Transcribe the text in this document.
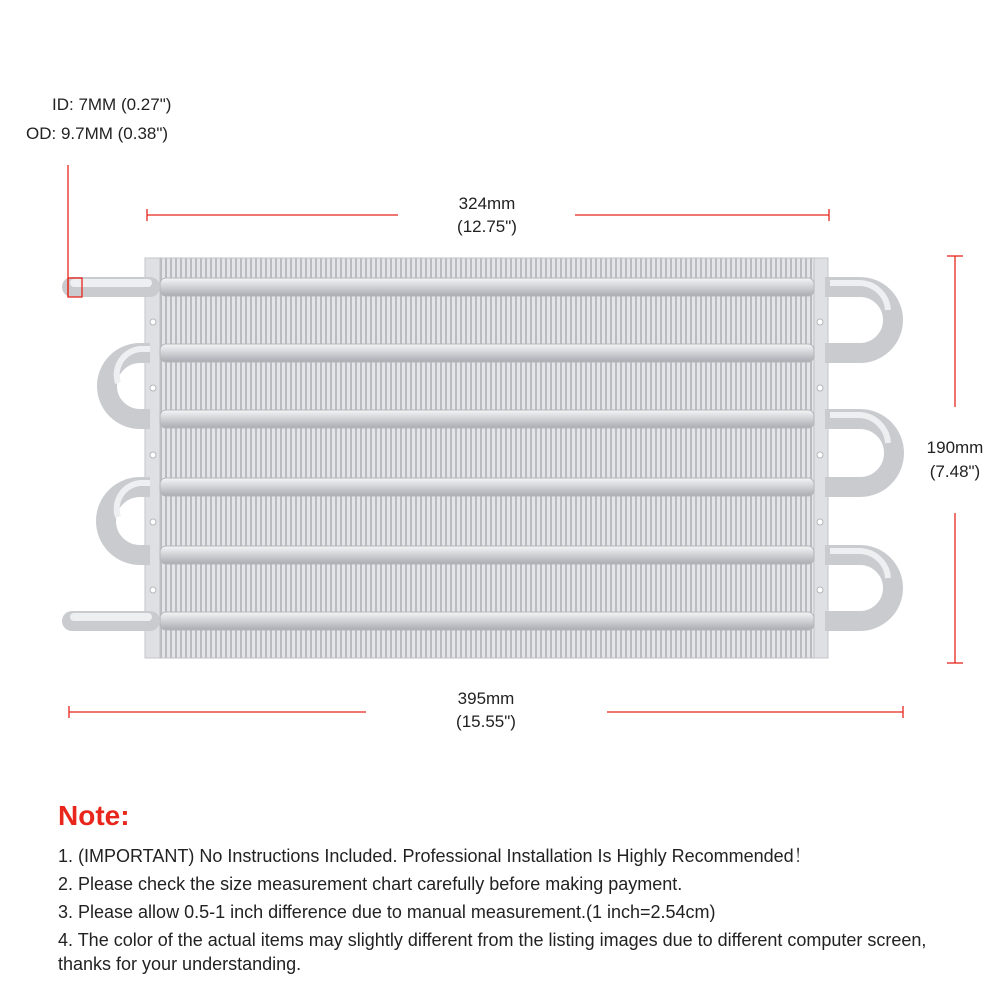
ID: 7MM (0.27")
OD: 9.7MM (0.38")
324mm
(12.75")
190mm
(7.48")
395mm
(15.55")
Note:

1. (IMPORTANT) No Instructions Included. Professional Installation Is Highly Recommended！

2. Please check the size measurement chart carefully before making payment.

3. Please allow 0.5-1 inch difference due to manual measurement.(1 inch=2.54cm)

4. The color of the actual items may slightly different from the listing images due to different computer screen, thanks for your understanding.
